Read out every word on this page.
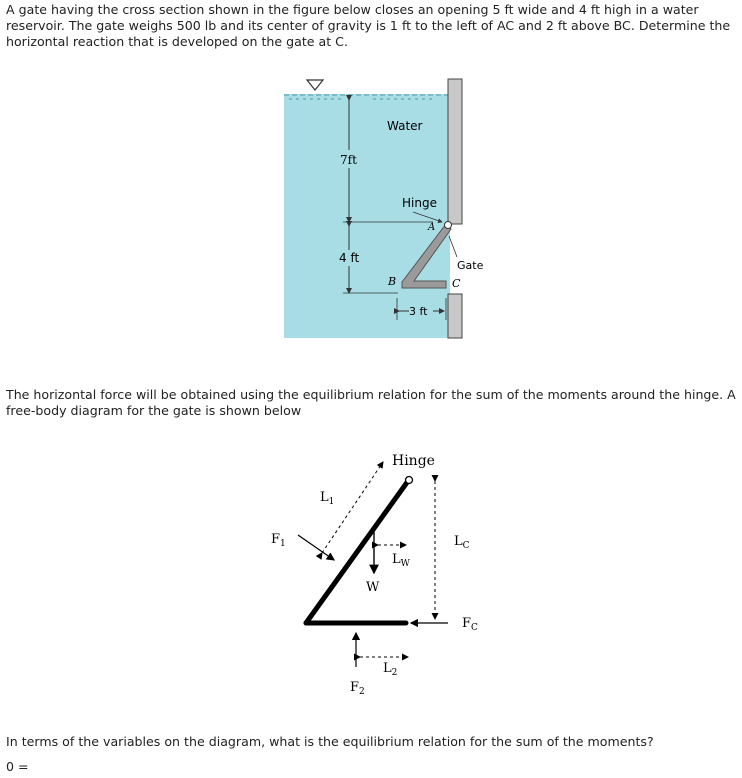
A gate having the cross section shown in the figure below closes an opening 5 ft wide and 4 ft high in a water reservoir. The gate weighs 500 lb and its center of gravity is 1 ft to the left of AC and 2 ft above BC. Determine the horizontal reaction that is developed on the gate at C.
Water
7ft
4 ft
Hinge
A
B	C
Gate
3 ft
The horizontal force will be obtained using the equilibrium relation for the sum of the moments around the hinge. A free-body diagram for the gate is shown below
Hinge
$L_1$
$F_1$
W
$L_W$
$L_C$
$F_C$
$F_2$
$L_2$
In terms of the variables on the diagram, what is the equilibrium relation for the sum of the moments?
0 =
